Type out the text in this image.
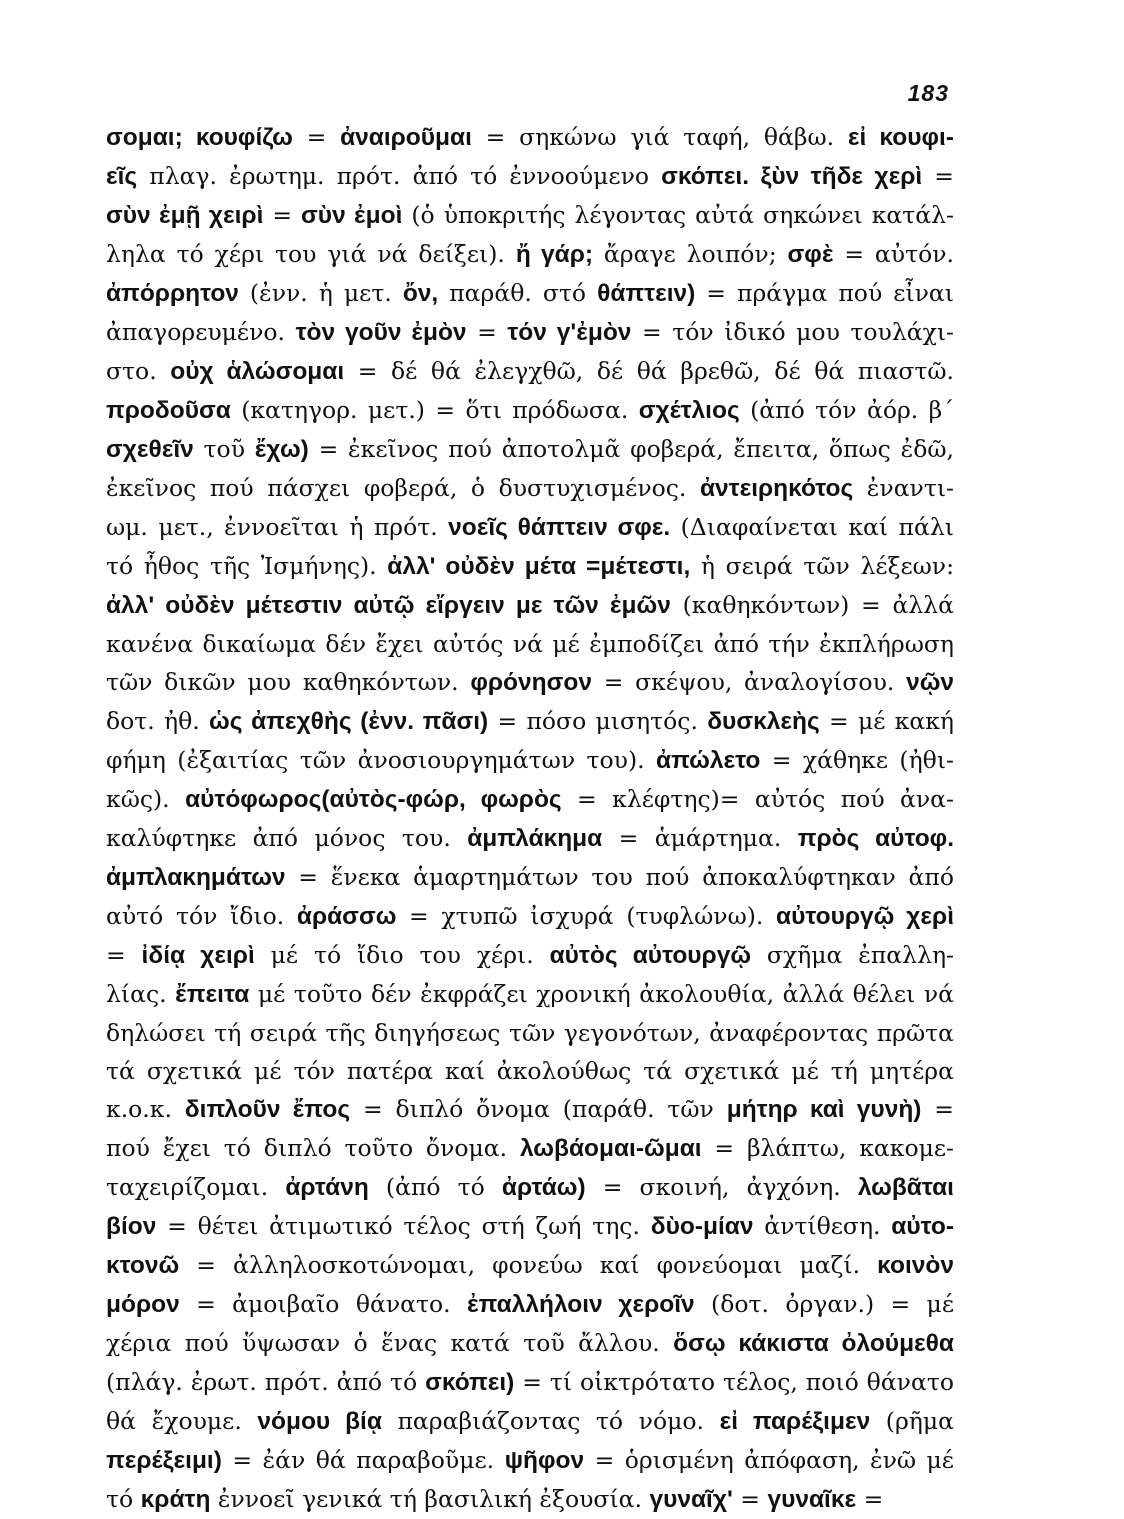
183
σομαι; κουφίζω = ἀναιροῦμαι = σηκώνω γιά ταφή, θάβω. εἰ κουφι-
εῖς πλαγ. ἐρωτημ. πρότ. ἀπό τό ἐννοούμενο σκόπει. ξὺν τῆδε χερὶ =
σὺν ἐμῇ χειρὶ = σὺν ἐμοὶ (ὁ ὑποκριτής λέγοντας αὐτά σηκώνει κατάλ-
ληλα τό χέρι του γιά νά δείξει). ἤ γάρ; ἄραγε λοιπόν; σφὲ = αὐτόν.
ἀπόρρητον (ἐνν. ἡ μετ. ὄν, παράθ. στό θάπτειν) = πράγμα πού εἶναι
ἀπαγορευμένο. τὸν γοῦν ἐμὸν = τόν γ'ἐμὸν = τόν ἰδικό μου τουλάχι-
στο. οὐχ ἁλώσομαι = δέ θά ἐλεγχθῶ, δέ θά βρεθῶ, δέ θά πιαστῶ.
προδοῦσα (κατηγορ. μετ.) = ὅτι πρόδωσα. σχέτλιος (ἀπό τόν ἀόρ. β´
σχεθεῖν τοῦ ἔχω) = ἐκεῖνος πού ἀποτολμᾶ φοβερά, ἔπειτα, ὅπως ἐδῶ,
ἐκεῖνος πού πάσχει φοβερά, ὁ δυστυχισμένος. ἀντειρηκότος ἐναντι-
ωμ. μετ., ἐννοεῖται ἡ πρότ. νοεῖς θάπτειν σφε. (Διαφαίνεται καί πάλι
τό ἦθος τῆς Ἰσμήνης). ἀλλ' οὐδὲν μέτα =μέτεστι, ἡ σειρά τῶν λέξεων:
ἀλλ' οὐδὲν μέτεστιν αὐτῷ εἴργειν με τῶν ἐμῶν (καθηκόντων) = ἀλλά
κανένα δικαίωμα δέν ἔχει αὐτός νά μέ ἐμποδίζει ἀπό τήν ἐκπλήρωση
τῶν δικῶν μου καθηκόντων. φρόνησον = σκέψου, ἀναλογίσου. νῷν
δοτ. ἠθ. ὡς ἀπεχθὴς (ἐνν. πᾶσι) = πόσο μισητός. δυσκλεὴς = μέ κακή
φήμη (ἐξαιτίας τῶν ἀνοσιουργημάτων του). ἀπώλετο = χάθηκε (ἠθι-
κῶς). αὐτόφωρος(αὐτὸς-φώρ, φωρὸς = κλέφτης)= αὐτός πού ἀνα-
καλύφτηκε ἀπό μόνος του. ἀμπλάκημα = ἁμάρτημα. πρὸς αὐτοφ.
ἀμπλακημάτων = ἕνεκα ἁμαρτημάτων του πού ἀποκαλύφτηκαν ἀπό
αὐτό τόν ἴδιο. ἀράσσω = χτυπῶ ἰσχυρά (τυφλώνω). αὐτουργῷ χερὶ
= ἰδίᾳ χειρὶ μέ τό ἴδιο του χέρι. αὐτὸς αὐτουργῷ σχῆμα ἐπαλλη-
λίας. ἔπειτα μέ τοῦτο δέν ἐκφράζει χρονική ἀκολουθία, ἀλλά θέλει νά
δηλώσει τή σειρά τῆς διηγήσεως τῶν γεγονότων, ἀναφέροντας πρῶτα
τά σχετικά μέ τόν πατέρα καί ἀκολούθως τά σχετικά μέ τή μητέρα
κ.ο.κ. διπλοῦν ἔπος = διπλό ὄνομα (παράθ. τῶν μήτηρ καὶ γυνὴ) =
πού ἔχει τό διπλό τοῦτο ὄνομα. λωβάομαι-ῶμαι = βλάπτω, κακομε-
ταχειρίζομαι. ἀρτάνη (ἀπό τό ἀρτάω) = σκοινή, ἀγχόνη. λωβᾶται
βίον = θέτει ἀτιμωτικό τέλος στή ζωή της. δὺο-μίαν ἀντίθεση. αὐτο-
κτονῶ = ἀλληλοσκοτώνομαι, φονεύω καί φονεύομαι μαζί. κοινὸν
μόρον = ἀμοιβαῖο θάνατο. ἐπαλλήλοιν χεροῖν (δοτ. ὀργαν.) = μέ
χέρια πού ὕψωσαν ὁ ἕνας κατά τοῦ ἄλλου. ὅσῳ κάκιστα ὀλούμεθα
(πλάγ. ἐρωτ. πρότ. ἀπό τό σκόπει) = τί οἰκτρότατο τέλος, ποιό θάνατο
θά ἔχουμε. νόμου βίᾳ παραβιάζοντας τό νόμο. εἰ παρέξιμεν (ρῆμα
περέξειμι) = ἐάν θά παραβοῦμε. ψῆφον = ὁρισμένη ἀπόφαση, ἐνῶ μέ
τό κράτη ἐννοεῖ γενικά τή βασιλική ἐξουσία. γυναῖχ' = γυναῖκε =
